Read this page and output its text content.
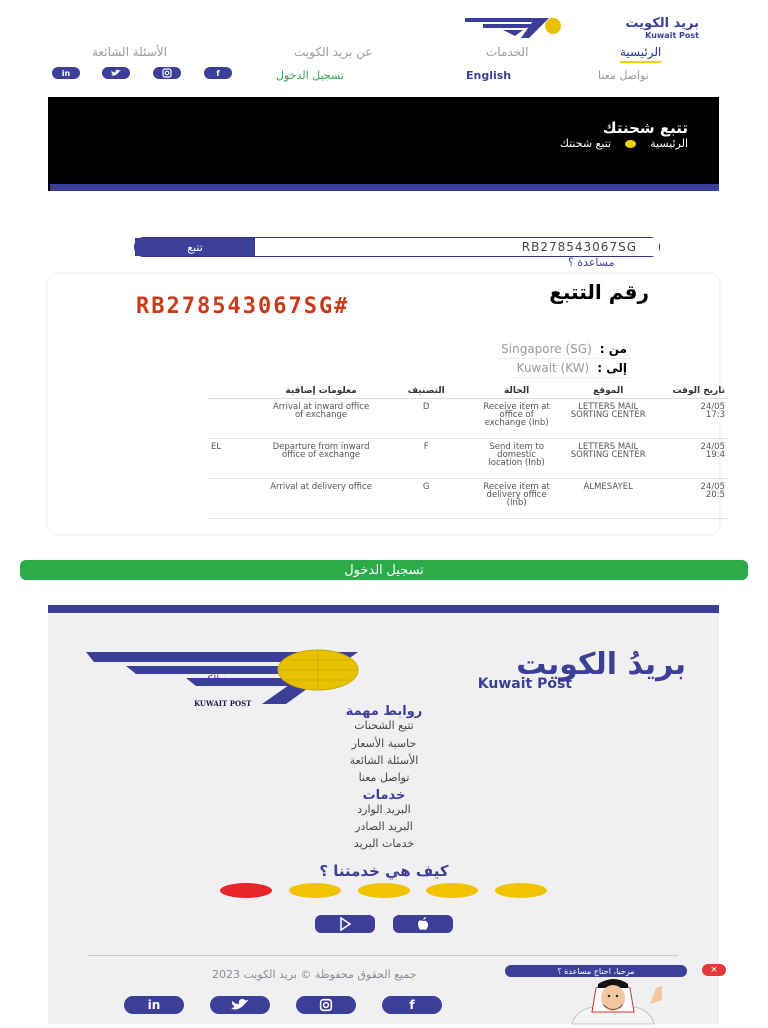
بريد الكويت
Kuwait Post
الرئيسية
الخدمات
عن بريد الكويت
الأسئلة الشائعة
تواصل معنا
English
تسجيل الدخول
f
in
تتبع شحنتك
الرئيسية
تتبع شحنتك
تتبع
RB278543067SG
مساعدة ؟
رقم التتبع
RB278543067SG#
من :
Singapore (SG)
إلى :
Kuwait (KW)
تاريخ الوقت	الموقع	الحالة	التصنيف	معلومات إضافية	
24/05
17:3	LETTERS MAIL SORTING CENTER	Receive item at office of exchange (Inb)	D	Arrival at inward office of exchange	
24/05
19:4	LETTERS MAIL SORTING CENTER	Send item to domestic location (Inb)	F	Departure from inward office of exchange	EL
24/05
20:5	ALMESAYEL	Receive item at delivery office (Inb)	G	Arrival at delivery office	
تسجيل الدخول
بريد الكويت
KUWAIT POST
بريدُ الكويت
Kuwait Post
روابط مهمة
تتبع الشحنات
حاسبة الأسعار
الأسئلة الشائعة
تواصل معنا
خدمات
البريد الوارد
البريد الصادر
خدمات البريد
كيف هي خدمتنا ؟
جميع الحقوق محفوظة © بريد الكويت 2023	مرحبا، احتاج مساعدة ؟	×
in	f
